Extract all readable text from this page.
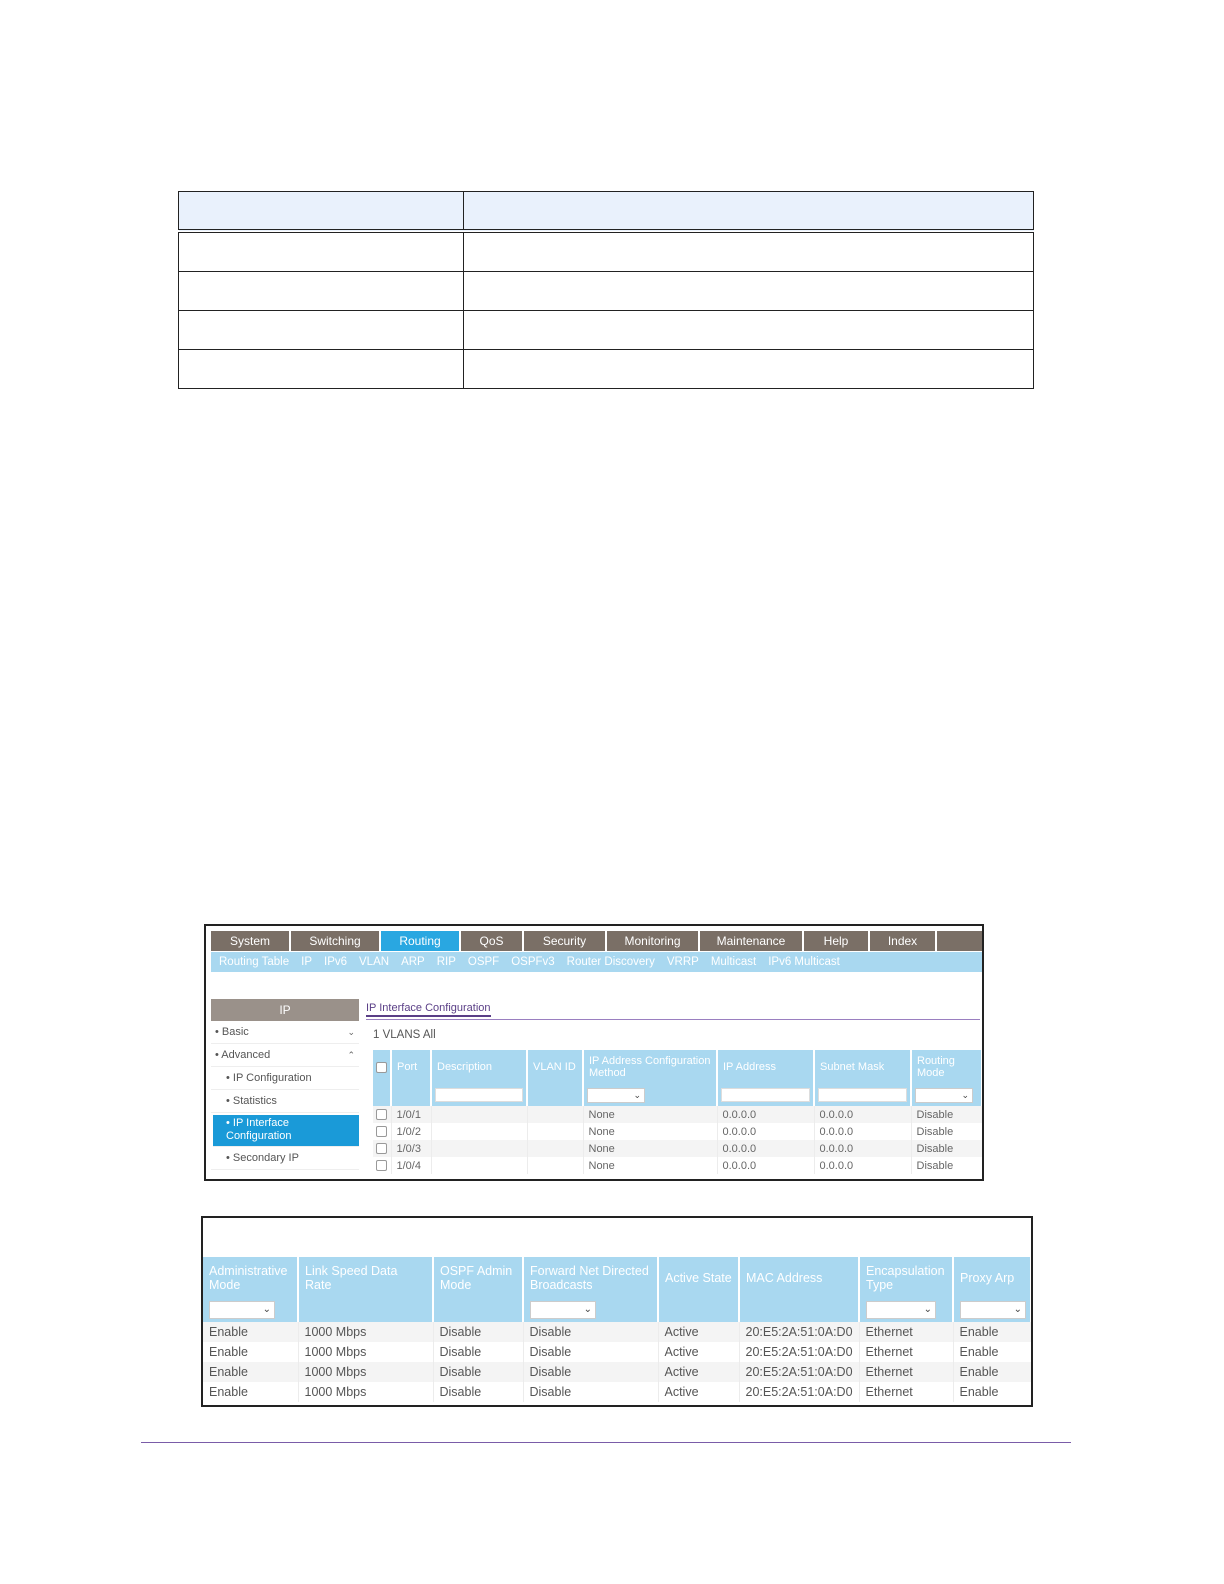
System	Switching	Routing	QoS	Security	Monitoring	Maintenance	Help	Index
Routing Table IP IPv6 VLAN ARP RIP OSPF OSPFv3 Router Discovery VRRP Multicast IPv6 Multicast
IP
• Basic	⌄
• Advanced	⌃
• IP Configuration
• Statistics
• IP Interface Configuration
• Secondary IP
IP Interface Configuration
1 VLANS All
	Port	Description	VLAN ID	IP Address Configuration Method	IP Address	Subnet Mask	Routing Mode

				⌄			⌄

	1/0/1			None	0.0.0.0	0.0.0.0	Disable
	1/0/2			None	0.0.0.0	0.0.0.0	Disable
	1/0/3			None	0.0.0.0	0.0.0.0	Disable
	1/0/4			None	0.0.0.0	0.0.0.0	Disable
Administrative Mode	Link Speed Data Rate	OSPF Admin Mode	Forward Net Directed Broadcasts	Active State	MAC Address	Encapsulation Type	Proxy Arp

⌄			⌄			⌄	⌄

Enable	1000 Mbps	Disable	Disable	Active	20:E5:2A:51:0A:D0	Ethernet	Enable
Enable	1000 Mbps	Disable	Disable	Active	20:E5:2A:51:0A:D0	Ethernet	Enable
Enable	1000 Mbps	Disable	Disable	Active	20:E5:2A:51:0A:D0	Ethernet	Enable
Enable	1000 Mbps	Disable	Disable	Active	20:E5:2A:51:0A:D0	Ethernet	Enable
